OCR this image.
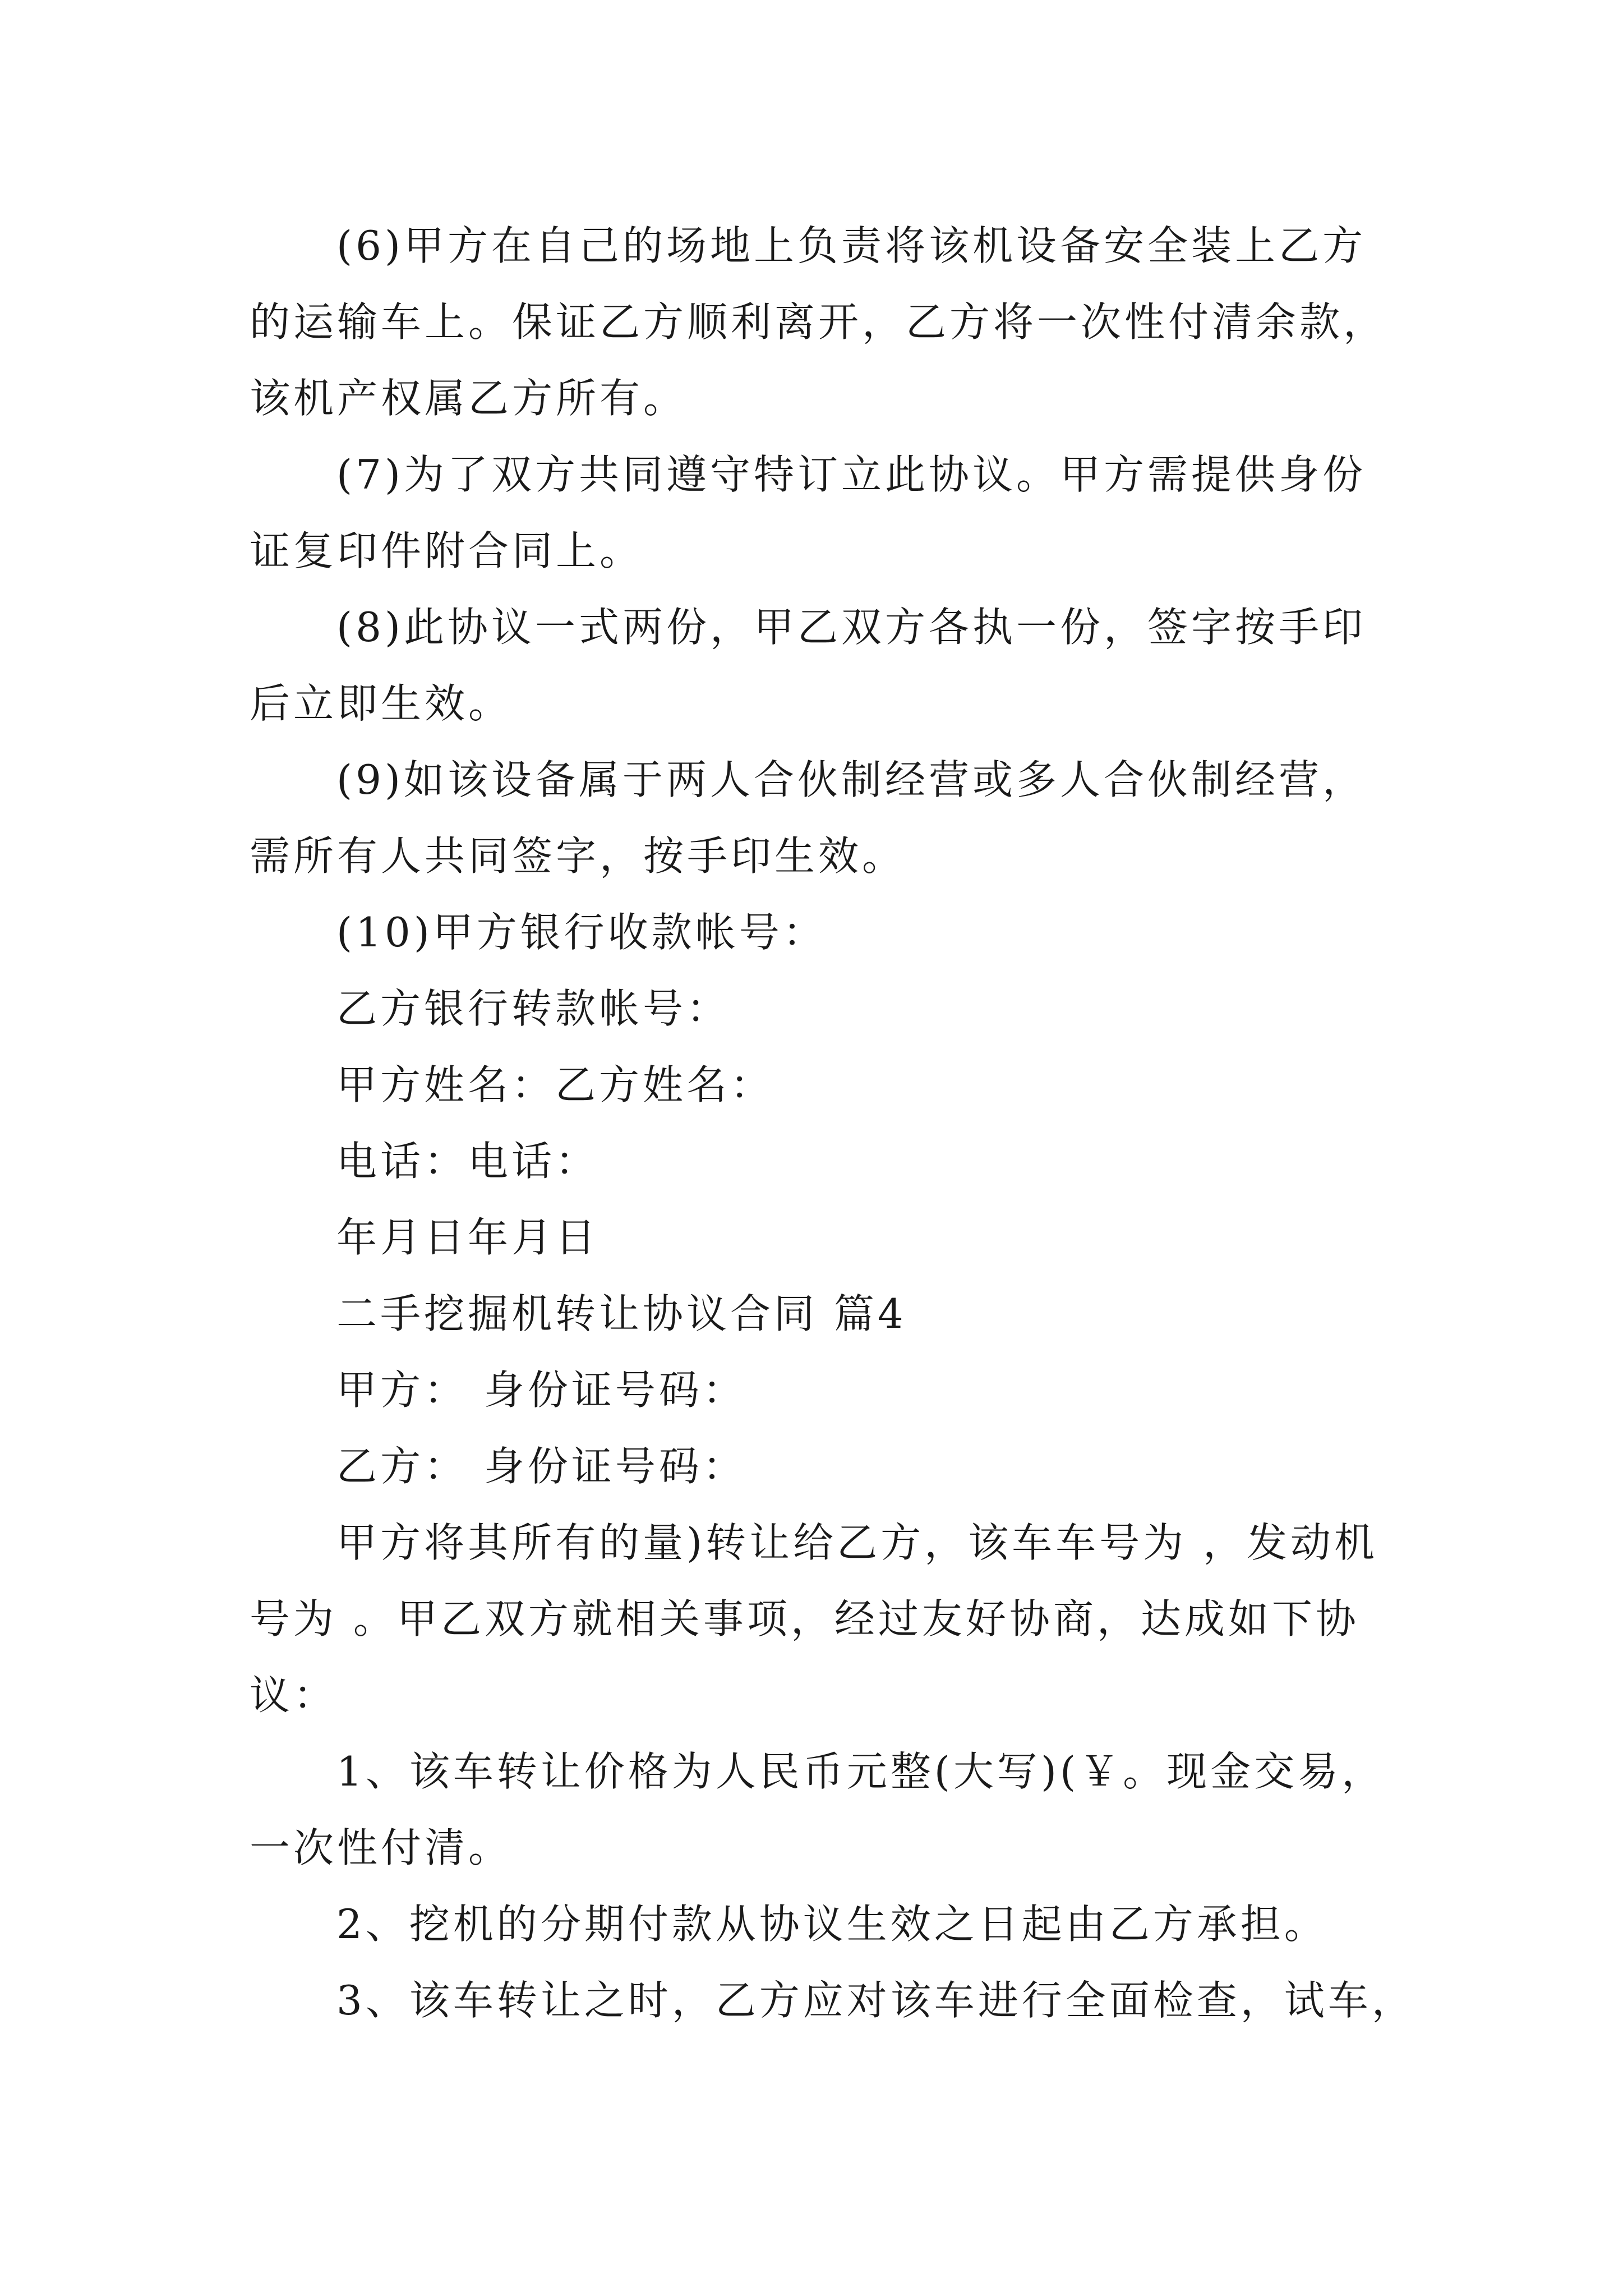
(6)甲方在自己的场地上负责将该机设备安全装上乙方
的运输车上。保证乙方顺利离开，乙方将一次性付清余款，
该机产权属乙方所有。
(7)为了双方共同遵守特订立此协议。甲方需提供身份
证复印件附合同上。
(8)此协议一式两份，甲乙双方各执一份，签字按手印
后立即生效。
(9)如该设备属于两人合伙制经营或多人合伙制经营，
需所有人共同签字，按手印生效。
(10)甲方银行收款帐号：
乙方银行转款帐号：
甲方姓名：乙方姓名：
电话：电话：
年月日年月日
二手挖掘机转让协议合同 篇4
甲方： 身份证号码：
乙方： 身份证号码：
甲方将其所有的量)转让给乙方，该车车号为 ，发动机
号为 。甲乙双方就相关事项，经过友好协商，达成如下协
议：
1、该车转让价格为人民币元整(大写)(￥。现金交易，
一次性付清。
2、挖机的分期付款从协议生效之日起由乙方承担。
3、该车转让之时，乙方应对该车进行全面检查，试车，
